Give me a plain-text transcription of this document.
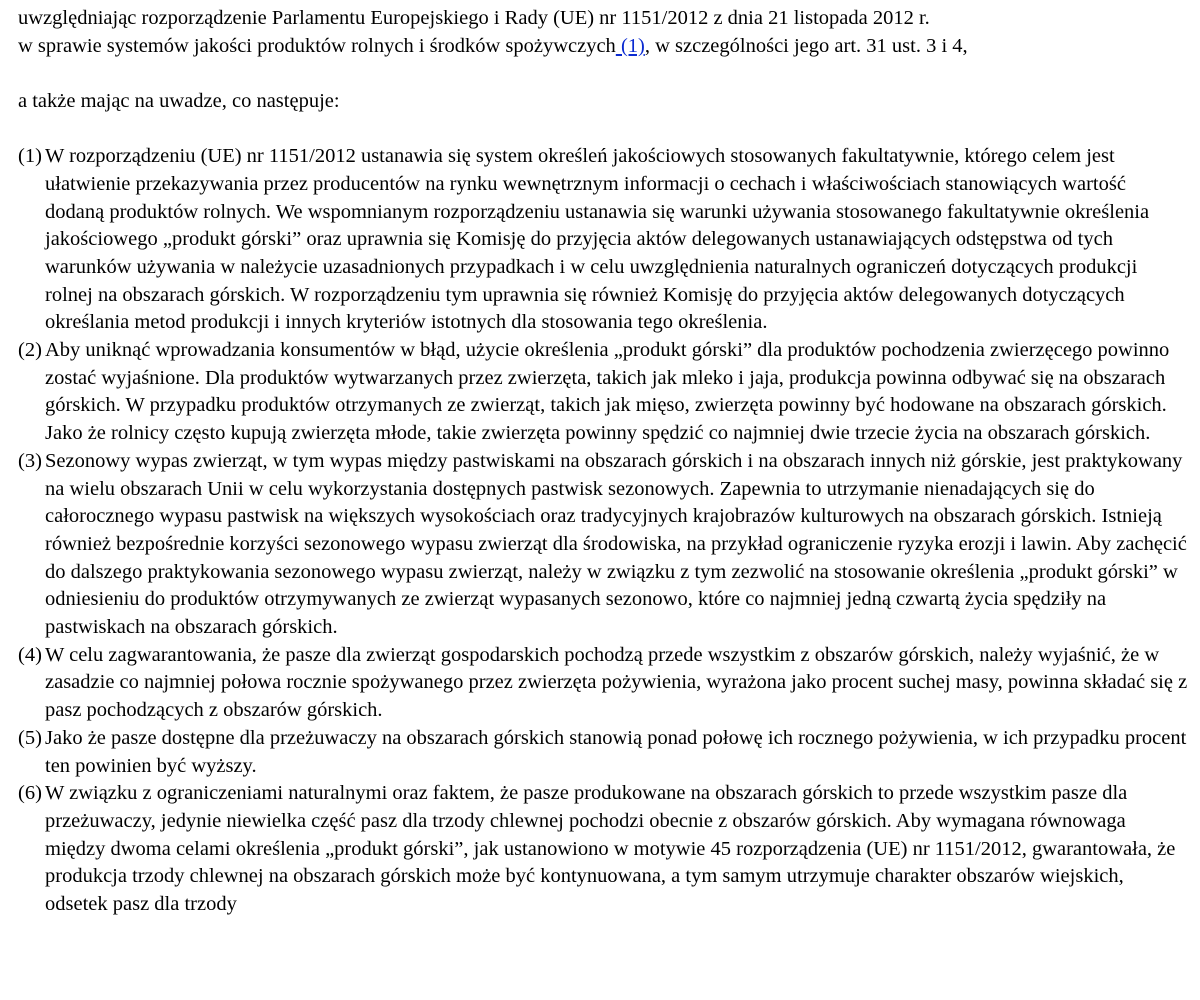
uwzględniając rozporządzenie Parlamentu Europejskiego i Rady (UE) nr 1151/2012 z dnia 21 listopada 2012 r.
w sprawie systemów jakości produktów rolnych i środków spożywczych (1), w szczególności jego art. 31 ust. 3 i 4,

a także mając na uwadze, co następuje:

(1) W rozporządzeniu (UE) nr 1151/2012 ustanawia się system określeń jakościowych stosowanych fakultatywnie, którego celem jest ułatwienie przekazywania przez producentów na rynku wewnętrznym informacji o cechach i właściwościach stanowiących wartość dodaną produktów rolnych. We wspomnianym rozporządzeniu ustanawia się warunki używania stosowanego fakultatywnie określenia jakościowego „produkt górski” oraz uprawnia się Komisję do przyjęcia aktów delegowanych ustanawiających odstępstwa od tych warunków używania w należycie uzasadnionych przypadkach i w celu uwzględnienia naturalnych ograniczeń dotyczących produkcji rolnej na obszarach górskich. W rozporządzeniu tym uprawnia się również Komisję do przyjęcia aktów delegowanych dotyczących określania metod produkcji i innych kryteriów istotnych dla stosowania tego określenia.
(2) Aby uniknąć wprowadzania konsumentów w błąd, użycie określenia „produkt górski” dla produktów pochodzenia zwierzęcego powinno zostać wyjaśnione. Dla produktów wytwarzanych przez zwierzęta, takich jak mleko i jaja, produkcja powinna odbywać się na obszarach górskich. W przypadku produktów otrzymanych ze zwierząt, takich jak mięso, zwierzęta powinny być hodowane na obszarach górskich. Jako że rolnicy często kupują zwierzęta młode, takie zwierzęta powinny spędzić co najmniej dwie trzecie życia na obszarach górskich.
(3) Sezonowy wypas zwierząt, w tym wypas między pastwiskami na obszarach górskich i na obszarach innych niż górskie, jest praktykowany na wielu obszarach Unii w celu wykorzystania dostępnych pastwisk sezonowych. Zapewnia to utrzymanie nienadających się do całorocznego wypasu pastwisk na większych wysokościach oraz tradycyjnych krajobrazów kulturowych na obszarach górskich. Istnieją również bezpośrednie korzyści sezonowego wypasu zwierząt dla środowiska, na przykład ograniczenie ryzyka erozji i lawin. Aby zachęcić do dalszego praktykowania sezonowego wypasu zwierząt, należy w związku z tym zezwolić na stosowanie określenia „produkt górski” w odniesieniu do produktów otrzymywanych ze zwierząt wypasanych sezonowo, które co najmniej jedną czwartą życia spędziły na pastwiskach na obszarach górskich.
(4) W celu zagwarantowania, że pasze dla zwierząt gospodarskich pochodzą przede wszystkim z obszarów górskich, należy wyjaśnić, że w zasadzie co najmniej połowa rocznie spożywanego przez zwierzęta pożywienia, wyrażona jako procent suchej masy, powinna składać się z pasz pochodzących z obszarów górskich.
(5) Jako że pasze dostępne dla przeżuwaczy na obszarach górskich stanowią ponad połowę ich rocznego pożywienia, w ich przypadku procent ten powinien być wyższy.
(6) W związku z ograniczeniami naturalnymi oraz faktem, że pasze produkowane na obszarach górskich to przede wszystkim pasze dla przeżuwaczy, jedynie niewielka część pasz dla trzody chlewnej pochodzi obecnie z obszarów górskich. Aby wymagana równowaga między dwoma celami określenia „produkt górski”, jak ustanowiono w motywie 45 rozporządzenia (UE) nr 1151/2012, gwarantowała, że produkcja trzody chlewnej na obszarach górskich może być kontynuowana, a tym samym utrzymuje charakter obszarów wiejskich, odsetek pasz dla trzody
